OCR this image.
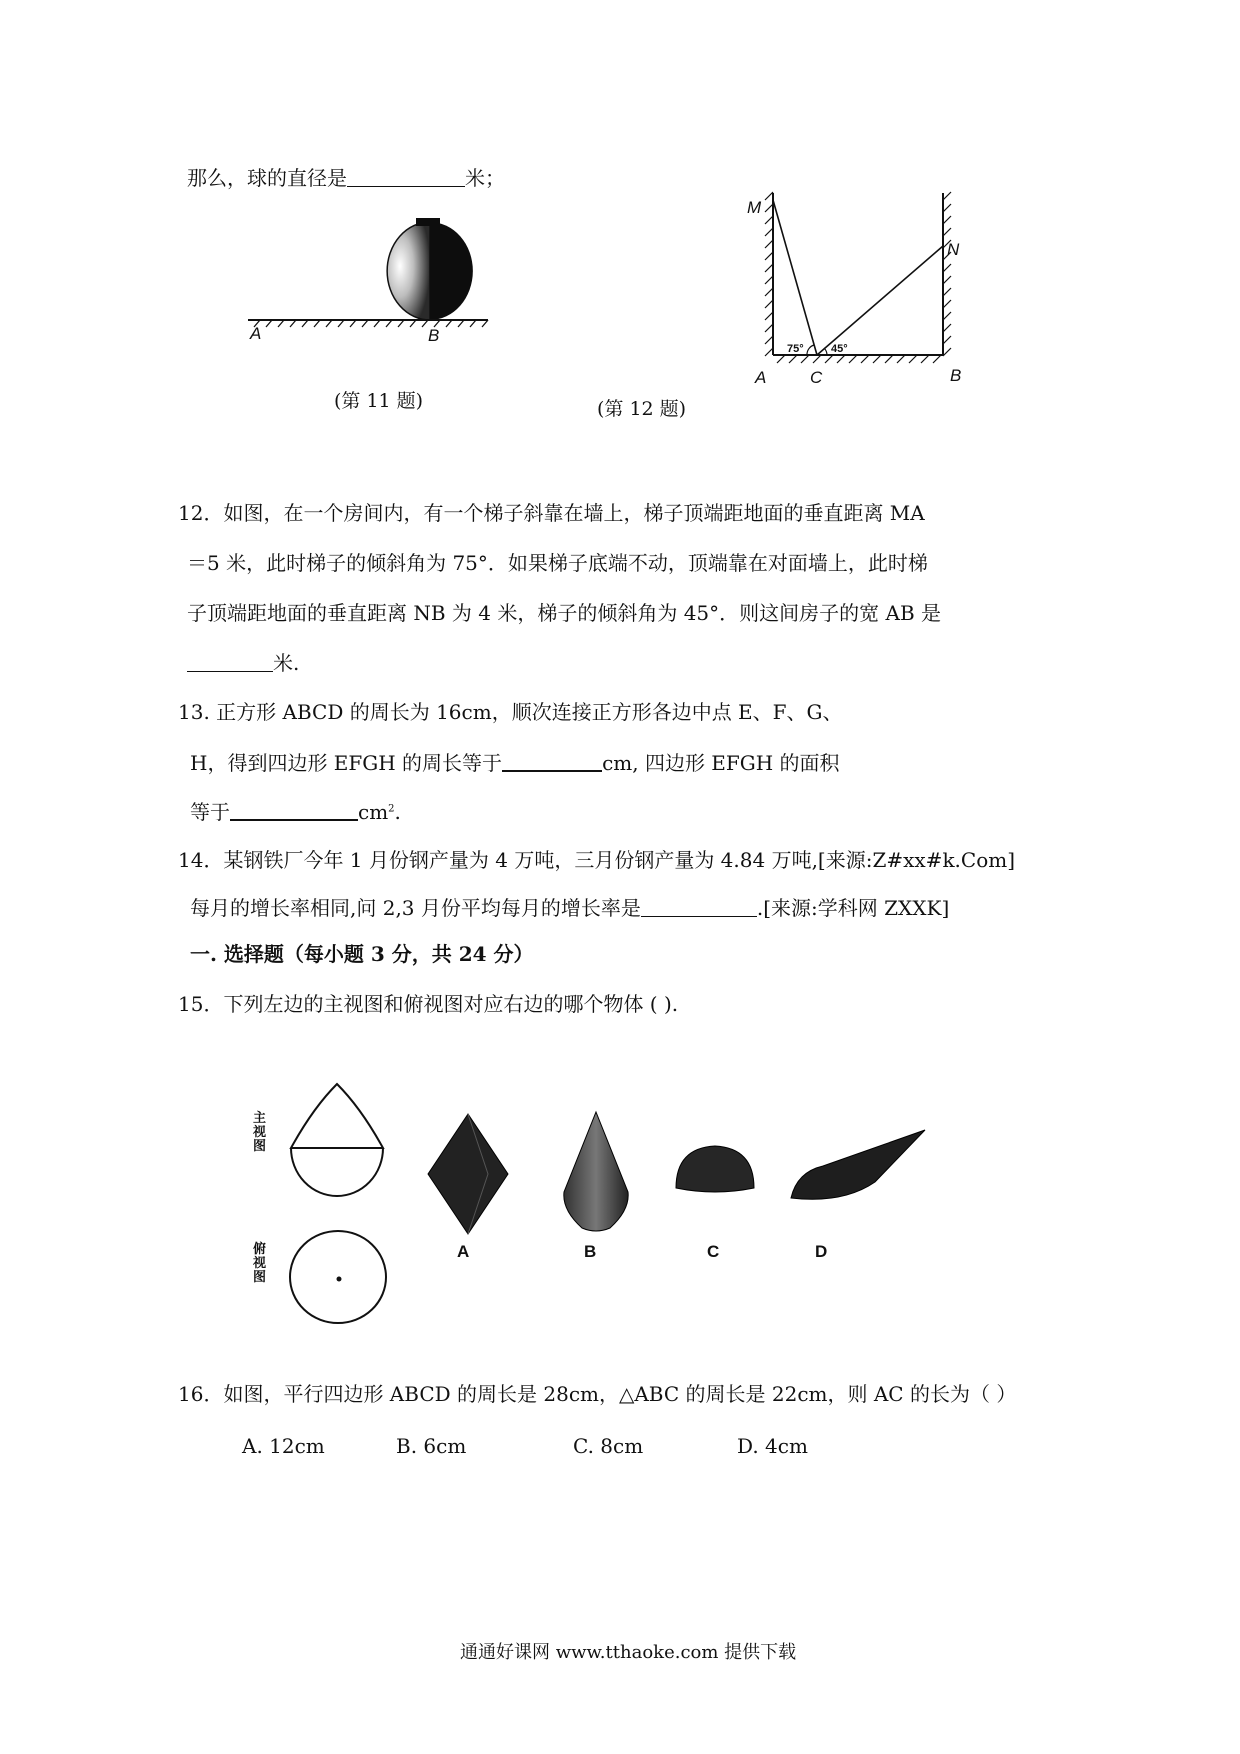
那么，球的直径是	米；
A	B
(第 11 题)
M
N
A	C	B
75° 45°
(第 12 题)
12．如图，在一个房间内，有一个梯子斜靠在墙上，梯子顶端距地面的垂直距离 MA
＝5 米，此时梯子的倾斜角为 75°．如果梯子底端不动，顶端靠在对面墙上，此时梯
子顶端距地面的垂直距离 NB 为 4 米，梯子的倾斜角为 45°．则这间房子的宽 AB 是
米.
13. 正方形 ABCD 的周长为 16cm，顺次连接正方形各边中点 E、F、G、
H，得到四边形 EFGH 的周长等于	cm, 四边形 EFGH 的面积
等于	$cm^2$.
14．某钢铁厂今年 1 月份钢产量为 4 万吨，三月份钢产量为 4.84 万吨,[来源:Z#xx#k.Com]
每月的增长率相同,问 2,3 月份平均每月的增长率是	.[来源:学科网 ZXXK]
一. 选择题（每小题 3 分，共 24 分）
15．下列左边的主视图和俯视图对应右边的哪个物体 ( ).
主视图
俯视图
A	B	C	D
16．如图，平行四边形 ABCD 的周长是 28cm，△ABC 的周长是 22cm，则 AC 的长为（ ）
A. 12cm	B. 6cm	C. 8cm	D. 4cm
通通好课网 www.tthaoke.com 提供下载
